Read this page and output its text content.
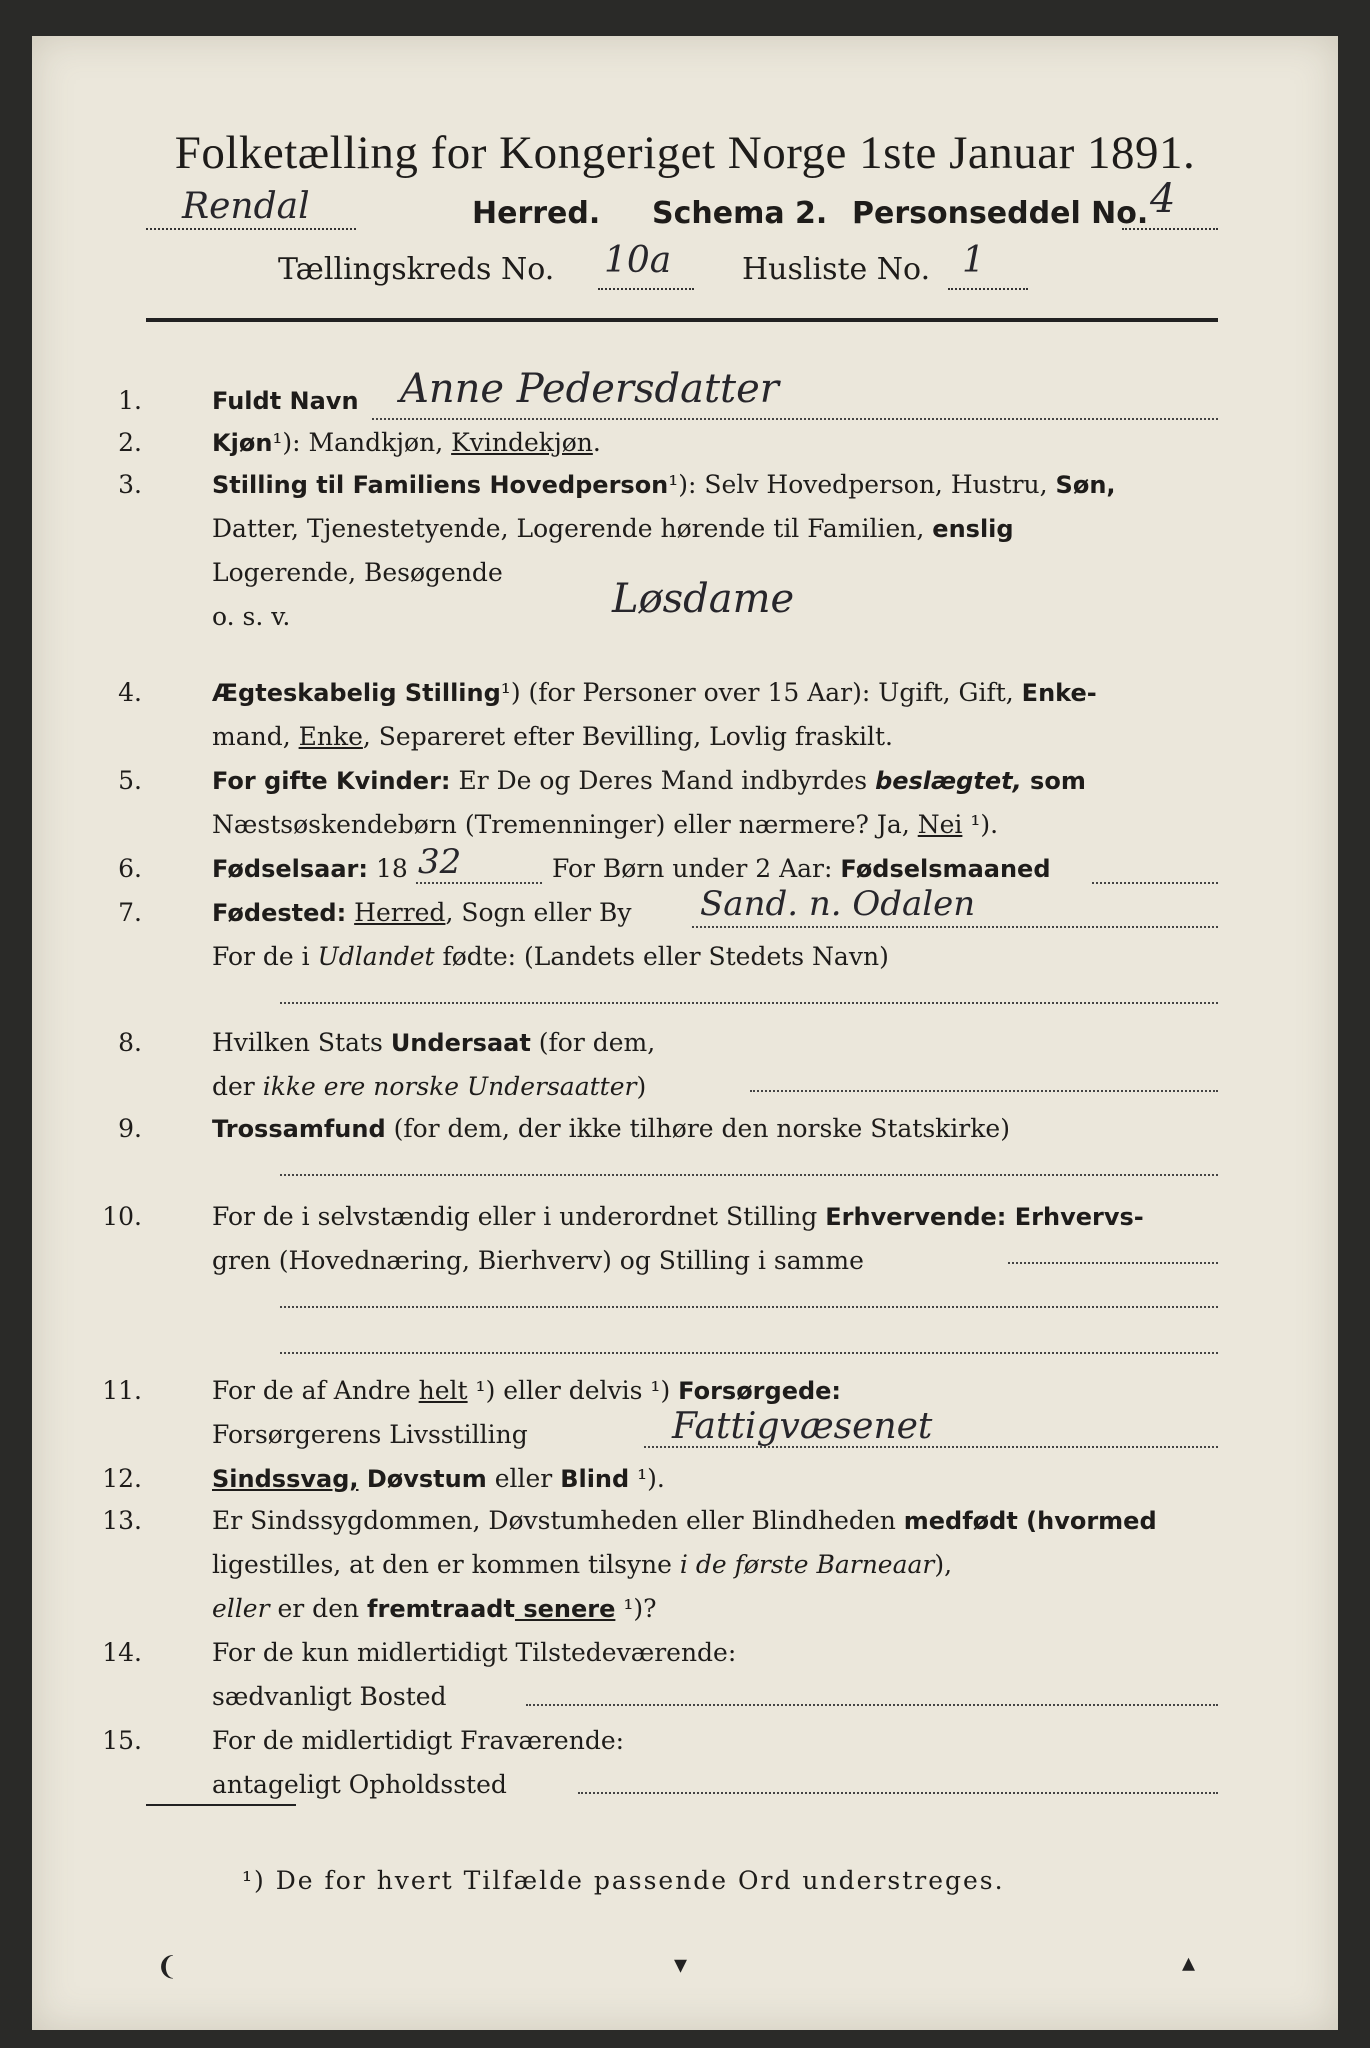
Folketælling for Kongeriget Norge 1ste Januar 1891.
Rendal	Herred. Schema 2. Personseddel No. 4
Tællingskreds No. 10a Husliste No. 1
1.	Fuldt Navn	Anne Pedersdatter
2.	Kjøn¹): Mandkjøn, Kvindekjøn.
3.	Stilling til Familiens Hovedperson¹): Selv Hovedperson, Hustru, Søn,
Datter, Tjenestetyende, Logerende hørende til Familien, enslig
Logerende, Besøgende
o. s. v.	Løsdame
4.	Ægteskabelig Stilling¹) (for Personer over 15 Aar): Ugift, Gift, Enke-
mand, Enke, Separeret efter Bevilling, Lovlig fraskilt.
5.	For gifte Kvinder: Er De og Deres Mand indbyrdes beslægtet, som
Næstsøskendebørn (Tremenninger) eller nærmere? Ja, Nei ¹).
6.	Fødselsaar: 18	For Børn under 2 Aar: Fødselsmaaned
32
7.	Fødested: Herred, Sogn eller By
For de i Udlandet fødte: (Landets eller Stedets Navn)
Sand. n. Odalen
8.	Hvilken Stats Undersaat (for dem,
der ikke ere norske Undersaatter)
9.	Trossamfund (for dem, der ikke tilhøre den norske Statskirke)
10.	For de i selvstændig eller i underordnet Stilling Erhvervende: Erhvervs-
gren (Hovednæring, Bierhverv) og Stilling i samme
11.	For de af Andre helt ¹) eller delvis ¹) Forsørgede:
Forsørgerens Livsstilling	Fattigvæsenet
12.	Sindssvag, Døvstum eller Blind ¹).
13.	Er Sindssygdommen, Døvstumheden eller Blindheden medfødt (hvormed
ligestilles, at den er kommen tilsyne i de første Barneaar),
eller er den fremtraadt senere ¹)?
14.	For de kun midlertidigt Tilstedeværende:
sædvanligt Bosted
15.	For de midlertidigt Fraværende:
antageligt Opholdssted
¹) De for hvert Tilfælde passende Ord understreges.
❨	▾	▴
